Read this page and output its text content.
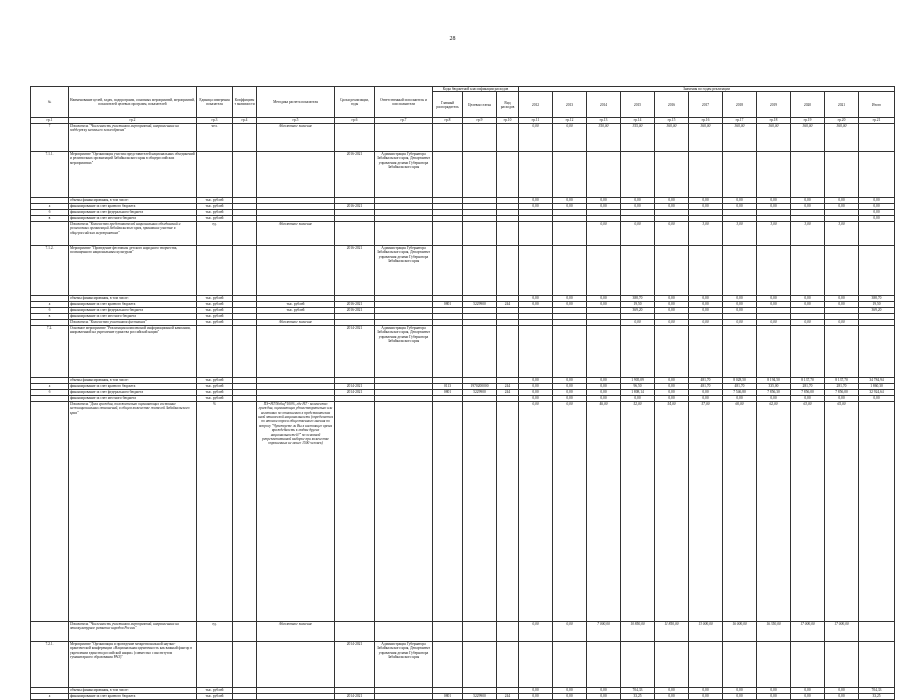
28
№	Наименование целей, задач, подпрограмм, основных мероприятий, мероприятий, показателей целевых программ, показателей	Единица измерения показателя	Коэффициент значимости	Методика расчета показателя	Сроки реализации, годы	Ответственный исполнитель и соисполнители	Коды бюджетной классификации расходов			Значения по годам реализации										
							Главный распорядитель	Целевая статья	Вид расходов	2012	2013	2014	2015	2016	2017	2018	2019	2020	2021	Итого
гр.1	гр.2	гр.3	гр.4	гр.5	гр.6	гр.7	гр.8	гр.9	гр.10	гр.11	гр.12	гр.13	гр.14	гр.15	гр.16	гр.17	гр.18	гр.19	гр.20	гр.21
7	Показатель "Численность участников мероприятий, направленных на поддержку казачьего землеобразия"	чел.		Абсолютное значение						0,00	0,00	350,00	355,00	360,00	360,00	360,00	360,00	360,00	360,00	
7.1.1.	Мероприятие "Организация участия представителей национальных объединений и религиозных организаций Забайкальского края в общероссийских мероприятиях"				2016-2021	Администрация Губернатора Забайкальского края, Департамент управления делами Губернатора Забайкальского края														
	объемы финансирования, в том числе:	тыс. рублей								0,00	0,00	0,00	0,00	0,00	0,00	0,00	0,00	0,00	0,00	0,00
а	финансирование за счет краевого бюджета	тыс. рублей			2016-2021					0,00	0,00	0,00	0,00	0,00	0,00	0,00	0,00	0,00	0,00	0,00
б	финансирование за счет федерального бюджета	тыс. рублей																		0,00
в	финансирование за счет местного бюджета	тыс. рублей																		0,00
	Показатель "Количество представителей национальных объединений и религиозных организаций Забайкальского края, принявших участие в общероссийских мероприятиях"	ед.		Абсолютное значение								0,00	0,00	0,00	3,00	3,00	3,00	3,00	3,00	
7.1.2.	Мероприятие "Проведение фестиваля детского народного творчества, посвященного национальным культурам"				2016-2021	Администрация Губернатора Забайкальского края, Департамент управления делами Губернатора Забайкальского края														
	объемы финансирования, в том числе:	тыс. рублей								0,00	0,00	0,00	388,70	0,00	0,00	0,00	0,00	0,00	0,00	388,70
а	финансирование за счет краевого бюджета	тыс. рублей		тыс. рублей	2016-2021		0801	5229900	244	0,00	0,00	0,00	19,50	0,00	0,00	0,00	0,00	0,00	0,00	19,50
б	финансирование за счет федерального бюджета	тыс. рублей		тыс. рублей	2016-2021								369,20	0,00	0,00	0,00				369,20
в	финансирование за счет местного бюджета	тыс. рублей																		
	Показатель "Количество участников фестиваля"	тыс. рублей		Абсолютное значение									0,00	0,00	0,00	0,00	0,00	0,00	0,00	
7.2.	Основное мероприятие "Реализация комплексной информационной кампании, направленной на укрепление единства российской нации"				2014-2021	Администрация Губернатора Забайкальского края, Департамент управления делами Губернатора Забайкальского края														
	объемы финансирования, в том числе:	тыс. рублей								0,00	0,00	0,00	1 905,09	0,00	481,70	8 028,50	8 194,50	8 137,70	8 137,70	34 784,94
а	финансирование за счет краевого бюджета	тыс. рублей			2014-2021		0113	1970200000	244	0,00	0,00	0,00	96,50	0,00	481,70	481,70	335,00	281,70	281,70	1 860,30
б	финансирование за счет федерального бюджета	тыс. рублей			2014-2021		0801	5229900	244	0,00	0,00	0,00	1 808,14	0,00	0,00	7 546,80	7 856,30	7 856,00	7 856,00	32 924,64
	финансирование за счет местного бюджета	тыс. рублей								0,00	0,00	0,00	0,00	0,00	0,00	0,00	0,00	0,00	0,00	0,00
	Показатель "Доля граждан, положительно оценивающих состояние межнациональных отношений, в общем количестве жителей Забайкальского края"	%		ПЗ=НТ/Nобщ*100%, где НТ - количество граждан, оценивающих удовлетворительно или негативно по отношению к представителям иной этнической национальности (определяется по итогам опроса общественного мнения по вопросу "Чувствуете ли Вы в настоящее время враждебность к людям других национальностей?" по основной репрезентативной выборке при количестве опрошенных не менее 1500 человек)						0,00	0,00	46,00	52,00	54,00	57,00	60,00	62,00	63,00	65,00	
	Показатель "Численность участников мероприятий, направленных на этнокультурное развитие народов России"	ед.		Абсолютное значение						0,00	0,00	7 000,00	10 850,00	11 850,00	13 000,00	16 000,00	16 350,00	17 000,00	17 000,00	
7.2.1.	Мероприятие "Организация и проведение межрегиональной научно-практической конференции «Национальная идентичность как важный фактор в укреплении единства российской нации» (совместно с институтом гуманитарного образования РАО)"				2014-2021	Администрация Губернатора Забайкальского края, Департамент управления делами Губернатора Забайкальского края														
	объемы финансирования, в том числе:	тыс. рублей								0,00	0,00	0,00	704,33	0,00	0,00	0,00	0,00	0,00	0,00	704,33
а	финансирование за счет краевого бюджета	тыс. рублей			2014-2021		0801	5229900	244	0,00	0,00	0,00	33,25	0,00	0,00	0,00	0,00	0,00	0,00	33,25
